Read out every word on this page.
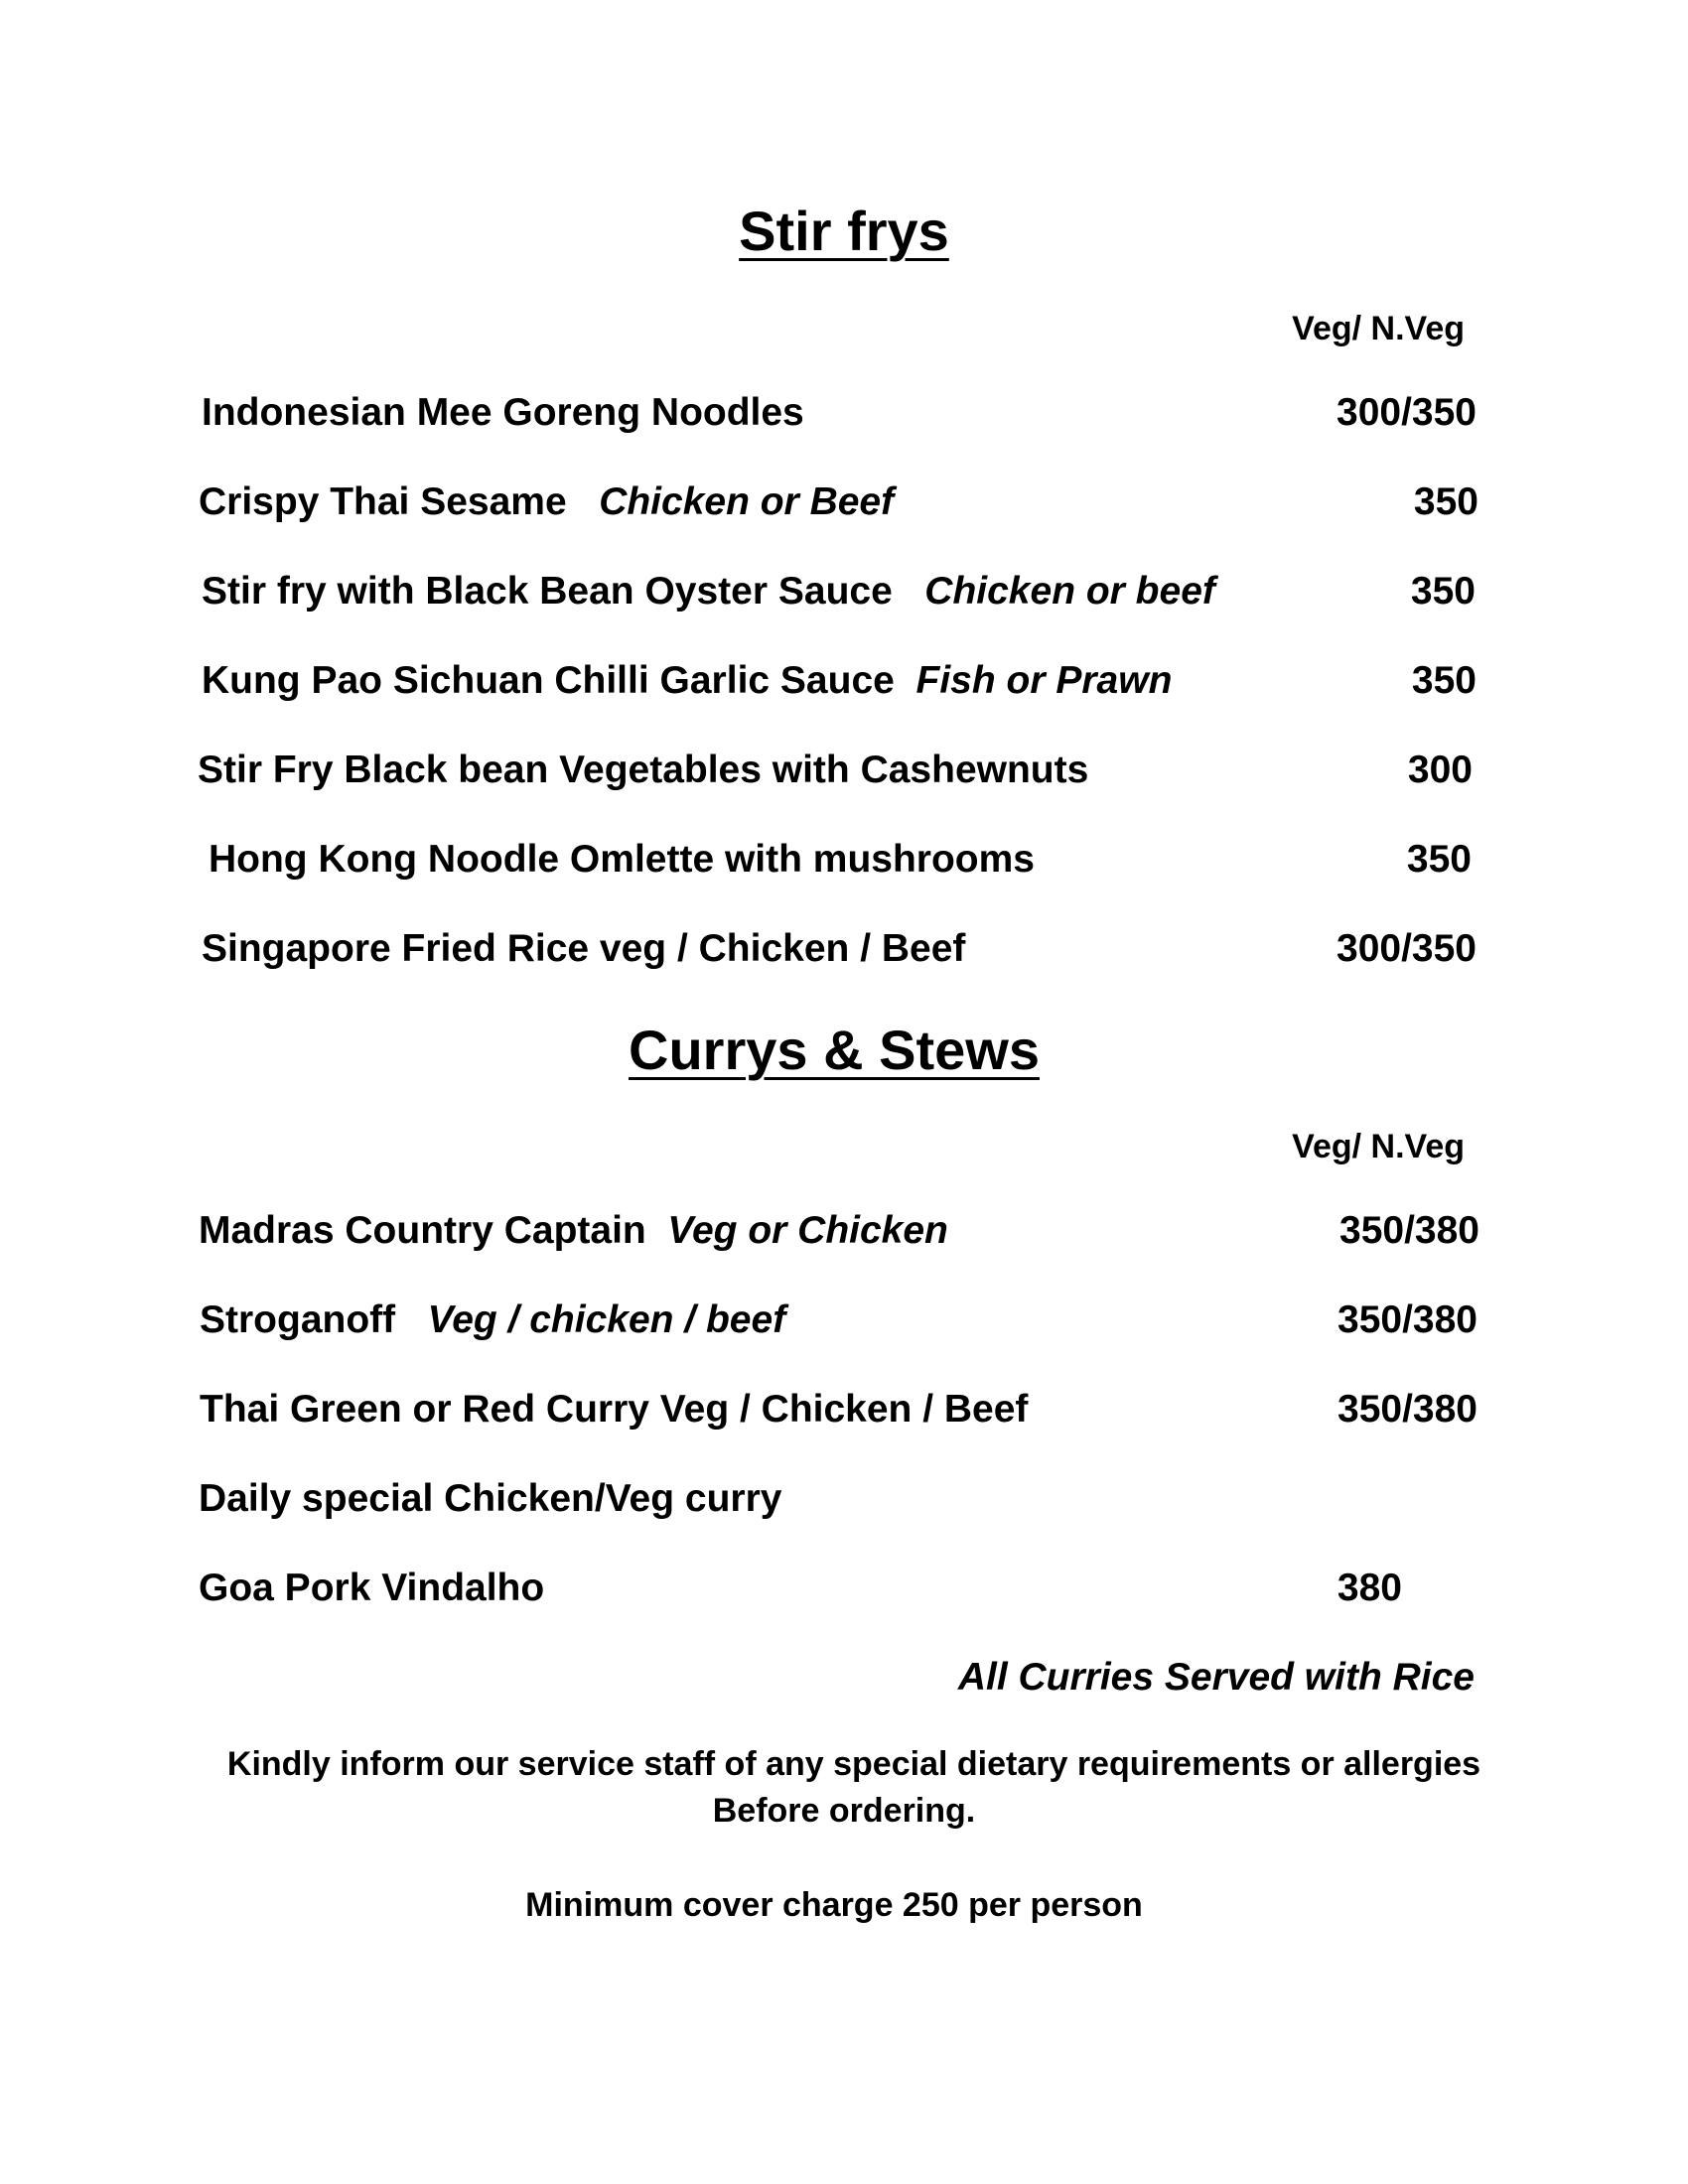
Stir frys
Veg/ N.Veg
Indonesian Mee Goreng Noodles	300/350
Crispy Thai Sesame Chicken or Beef	350
Stir fry with Black Bean Oyster Sauce Chicken or beef	350
Kung Pao Sichuan Chilli Garlic Sauce Fish or Prawn	350
Stir Fry Black bean Vegetables with Cashewnuts	300
Hong Kong Noodle Omlette with mushrooms	350
Singapore Fried Rice veg / Chicken / Beef	300/350
Currys & Stews
Veg/ N.Veg
Madras Country Captain Veg or Chicken	350/380
Stroganoff Veg / chicken / beef	350/380
Thai Green or Red Curry Veg / Chicken / Beef	350/380
Daily special Chicken/Veg curry
Goa Pork Vindalho	380
All Curries Served with Rice
Kindly inform our service staff of any special dietary requirements or allergies
Before ordering.
Minimum cover charge 250 per person
